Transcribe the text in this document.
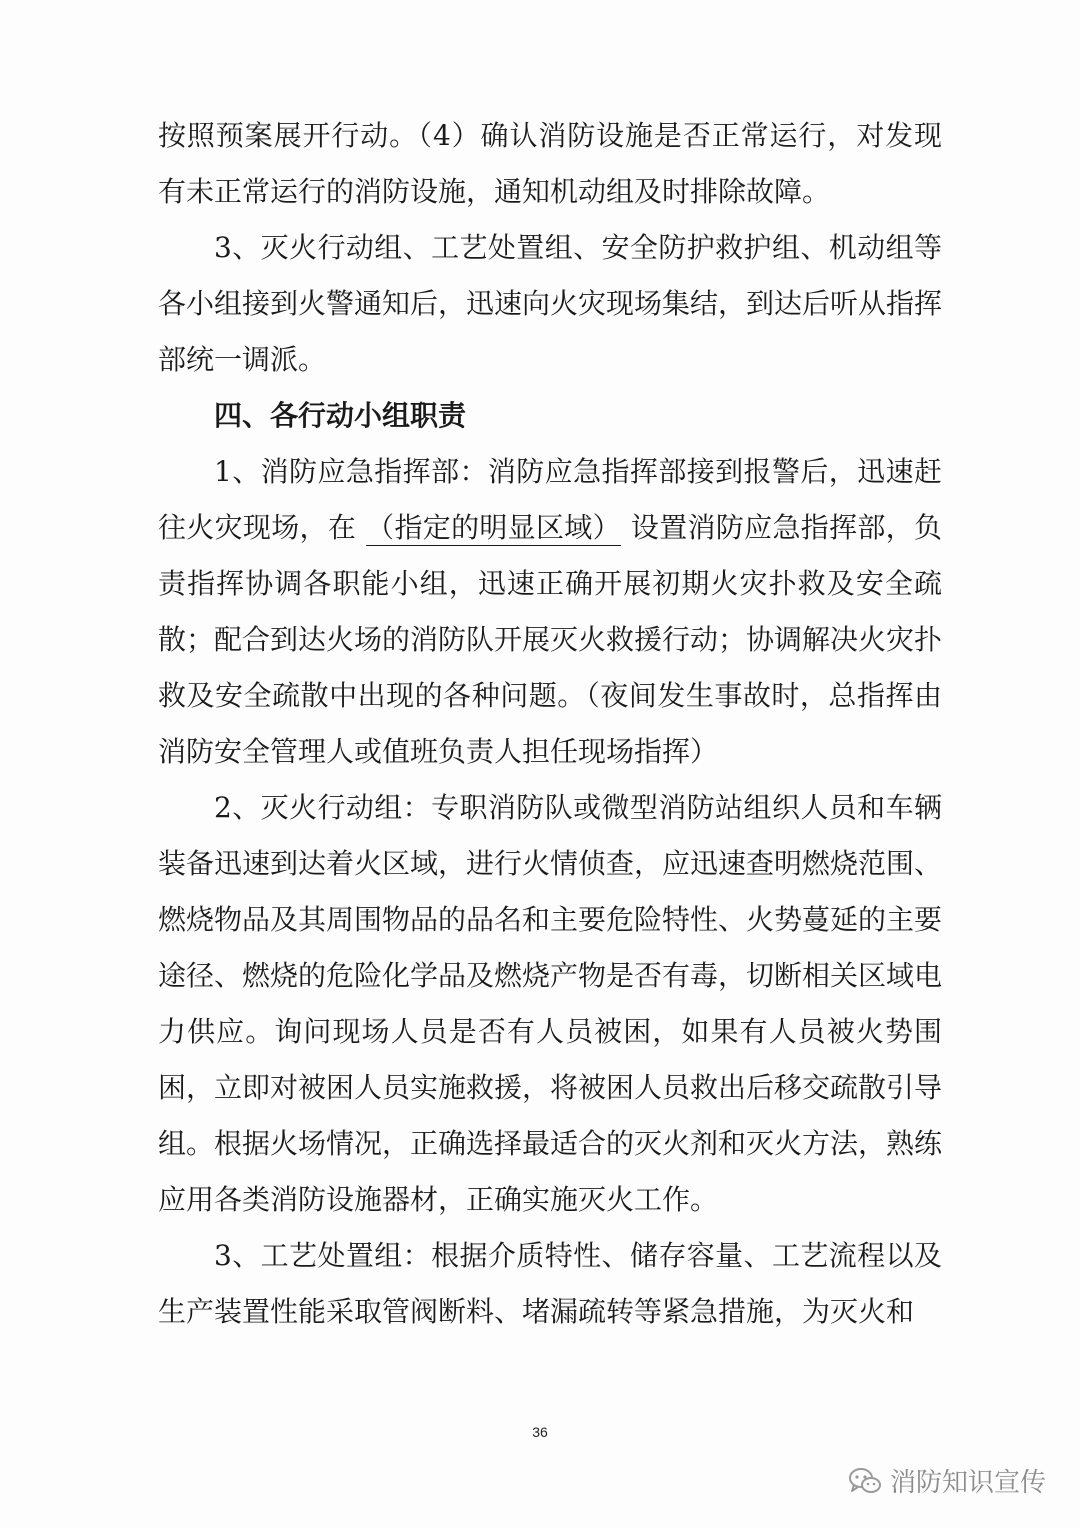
按照预案展开行动。（4）确认消防设施是否正常运行，对发现有未正常运行的消防设施，通知机动组及时排除故障。

3、灭火行动组、工艺处置组、安全防护救护组、机动组等各小组接到火警通知后，迅速向火灾现场集结，到达后听从指挥部统一调派。

四、各行动小组职责

1、消防应急指挥部：消防应急指挥部接到报警后，迅速赶往火灾现场，在 （指定的明显区域） 设置消防应急指挥部，负责指挥协调各职能小组，迅速正确开展初期火灾扑救及安全疏散；配合到达火场的消防队开展灭火救援行动；协调解决火灾扑救及安全疏散中出现的各种问题。（夜间发生事故时，总指挥由消防安全管理人或值班负责人担任现场指挥）

2、灭火行动组：专职消防队或微型消防站组织人员和车辆装备迅速到达着火区域，进行火情侦查，应迅速查明燃烧范围、燃烧物品及其周围物品的品名和主要危险特性、火势蔓延的主要途径、燃烧的危险化学品及燃烧产物是否有毒，切断相关区域电力供应。询问现场人员是否有人员被困，如果有人员被火势围困，立即对被困人员实施救援，将被困人员救出后移交疏散引导组。根据火场情况，正确选择最适合的灭火剂和灭火方法，熟练应用各类消防设施器材，正确实施灭火工作。

3、工艺处置组：根据介质特性、储存容量、工艺流程以及生产装置性能采取管阀断料、堵漏疏转等紧急措施，为灭火和

36
消防知识宣传
